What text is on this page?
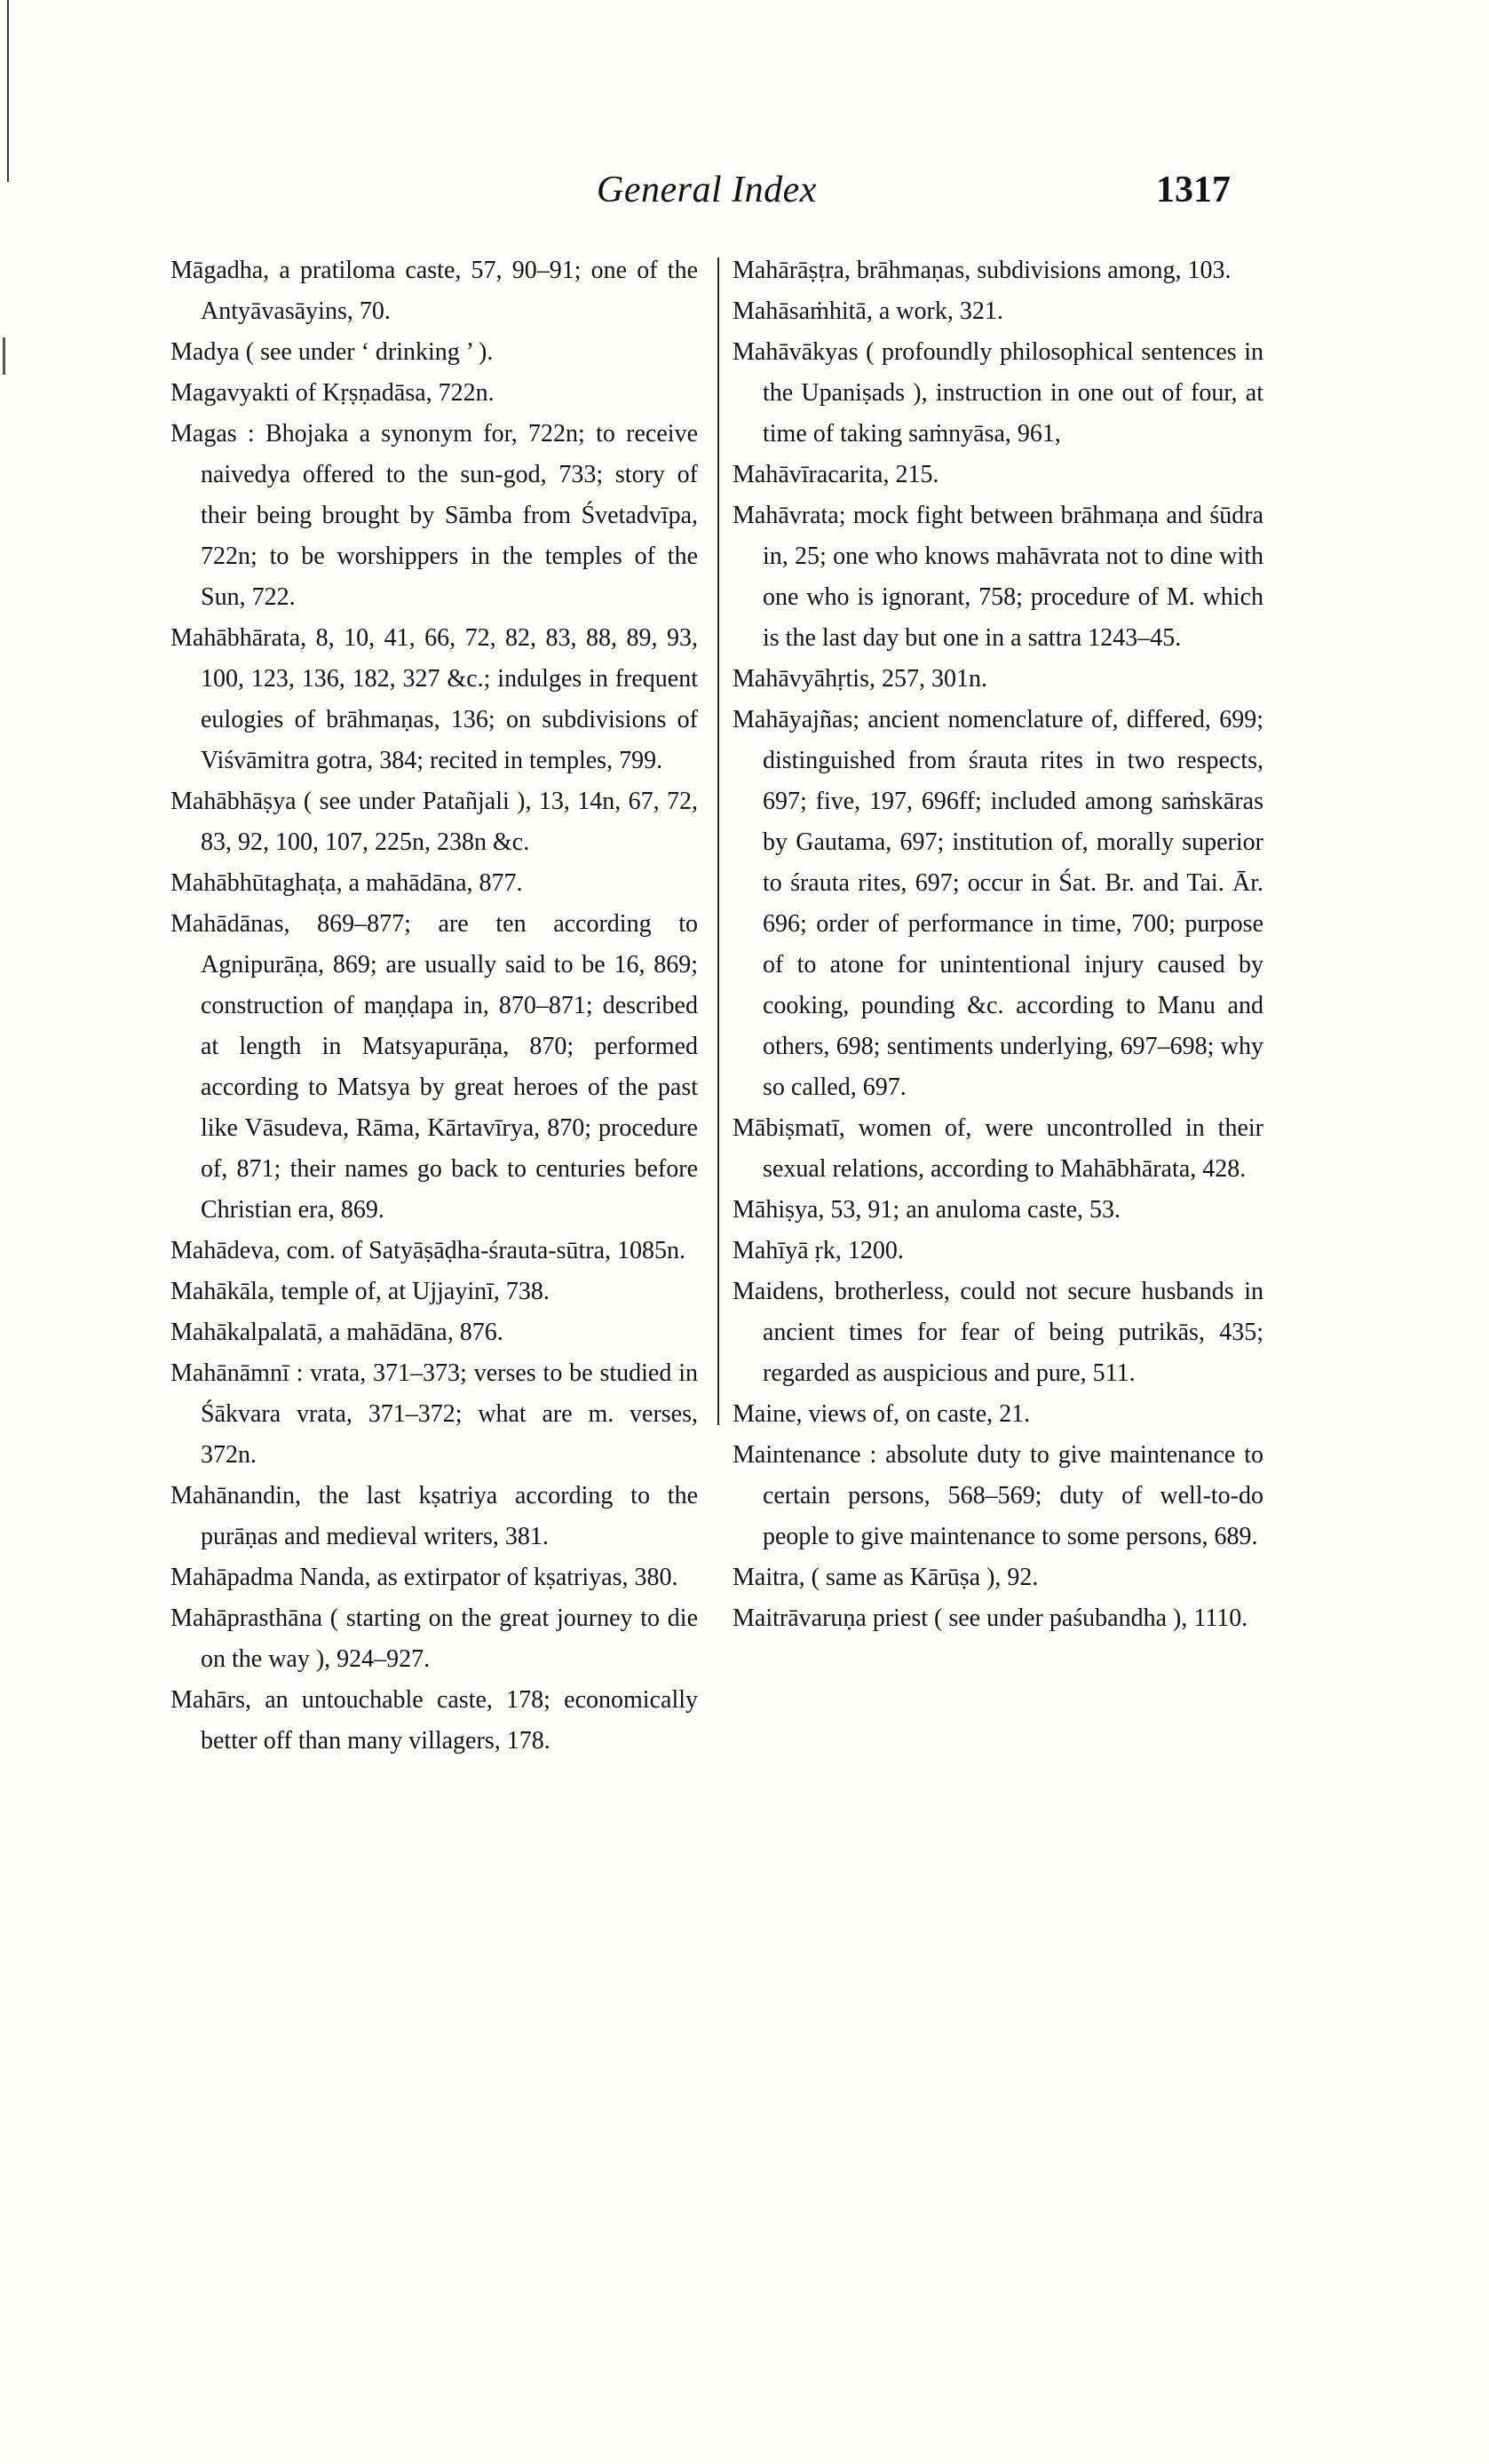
General Index	1317

Māgadha, a pratiloma caste, 57, 90–91; one of the Antyāvasāyins, 70.

Madya ( see under ‘ drinking ’ ).

Magavyakti of Kṛṣṇadāsa, 722n.

Magas : Bhojaka a synonym for, 722n; to receive naivedya offered to the sun-god, 733; story of their being brought by Sāmba from Śvetadvīpa, 722n; to be worshippers in the temples of the Sun, 722.

Mahābhārata, 8, 10, 41, 66, 72, 82, 83, 88, 89, 93, 100, 123, 136, 182, 327 &c.; indulges in frequent eulogies of brāhmaṇas, 136; on subdivisions of Viśvāmitra gotra, 384; recited in temples, 799.

Mahābhāṣya ( see under Patañjali ), 13, 14n, 67, 72, 83, 92, 100, 107, 225n, 238n &c.

Mahābhūtaghaṭa, a mahādāna, 877.

Mahādānas, 869–877; are ten according to Agnipurāṇa, 869; are usually said to be 16, 869; construction of maṇḍapa in, 870–871; described at length in Matsyapurāṇa, 870; performed according to Matsya by great heroes of the past like Vāsudeva, Rāma, Kārtavīrya, 870; procedure of, 871; their names go back to centuries before Christian era, 869.

Mahādeva, com. of Satyāṣāḍha-śrauta-sūtra, 1085n.

Mahākāla, temple of, at Ujjayinī, 738.

Mahākalpalatā, a mahādāna, 876.

Mahānāmnī : vrata, 371–373; verses to be studied in Śākvara vrata, 371–372; what are m. verses, 372n.

Mahānandin, the last kṣatriya according to the purāṇas and medieval writers, 381.

Mahāpadma Nanda, as extirpator of kṣatriyas, 380.

Mahāprasthāna ( starting on the great journey to die on the way ), 924–927.

Mahārs, an untouchable caste, 178; economically better off than many villagers, 178.

Mahārāṣṭra, brāhmaṇas, subdivisions among, 103.

Mahāsaṁhitā, a work, 321.

Mahāvākyas ( profoundly philosophical sentences in the Upaniṣads ), instruction in one out of four, at time of taking saṁnyāsa, 961,

Mahāvīracarita, 215.

Mahāvrata; mock fight between brāhmaṇa and śūdra in, 25; one who knows mahāvrata not to dine with one who is ignorant, 758; procedure of M. which is the last day but one in a sattra 1243–45.

Mahāvyāhṛtis, 257, 301n.

Mahāyajñas; ancient nomenclature of, differed, 699; distinguished from śrauta rites in two respects, 697; five, 197, 696ff; included among saṁskāras by Gautama, 697; institution of, morally superior to śrauta rites, 697; occur in Śat. Br. and Tai. Ār. 696; order of performance in time, 700; purpose of to atone for unintentional injury caused by cooking, pounding &c. according to Manu and others, 698; sentiments underlying, 697–698; why so called, 697.

Mābiṣmatī, women of, were uncontrolled in their sexual relations, according to Mahābhārata, 428.

Māhiṣya, 53, 91; an anuloma caste, 53.

Mahīyā ṛk, 1200.

Maidens, brotherless, could not secure husbands in ancient times for fear of being putrikās, 435; regarded as auspicious and pure, 511.

Maine, views of, on caste, 21.

Maintenance : absolute duty to give maintenance to certain persons, 568–569; duty of well-to-do people to give maintenance to some persons, 689.

Maitra, ( same as Kārūṣa ), 92.

Maitrāvaruṇa priest ( see under paśubandha ), 1110.
